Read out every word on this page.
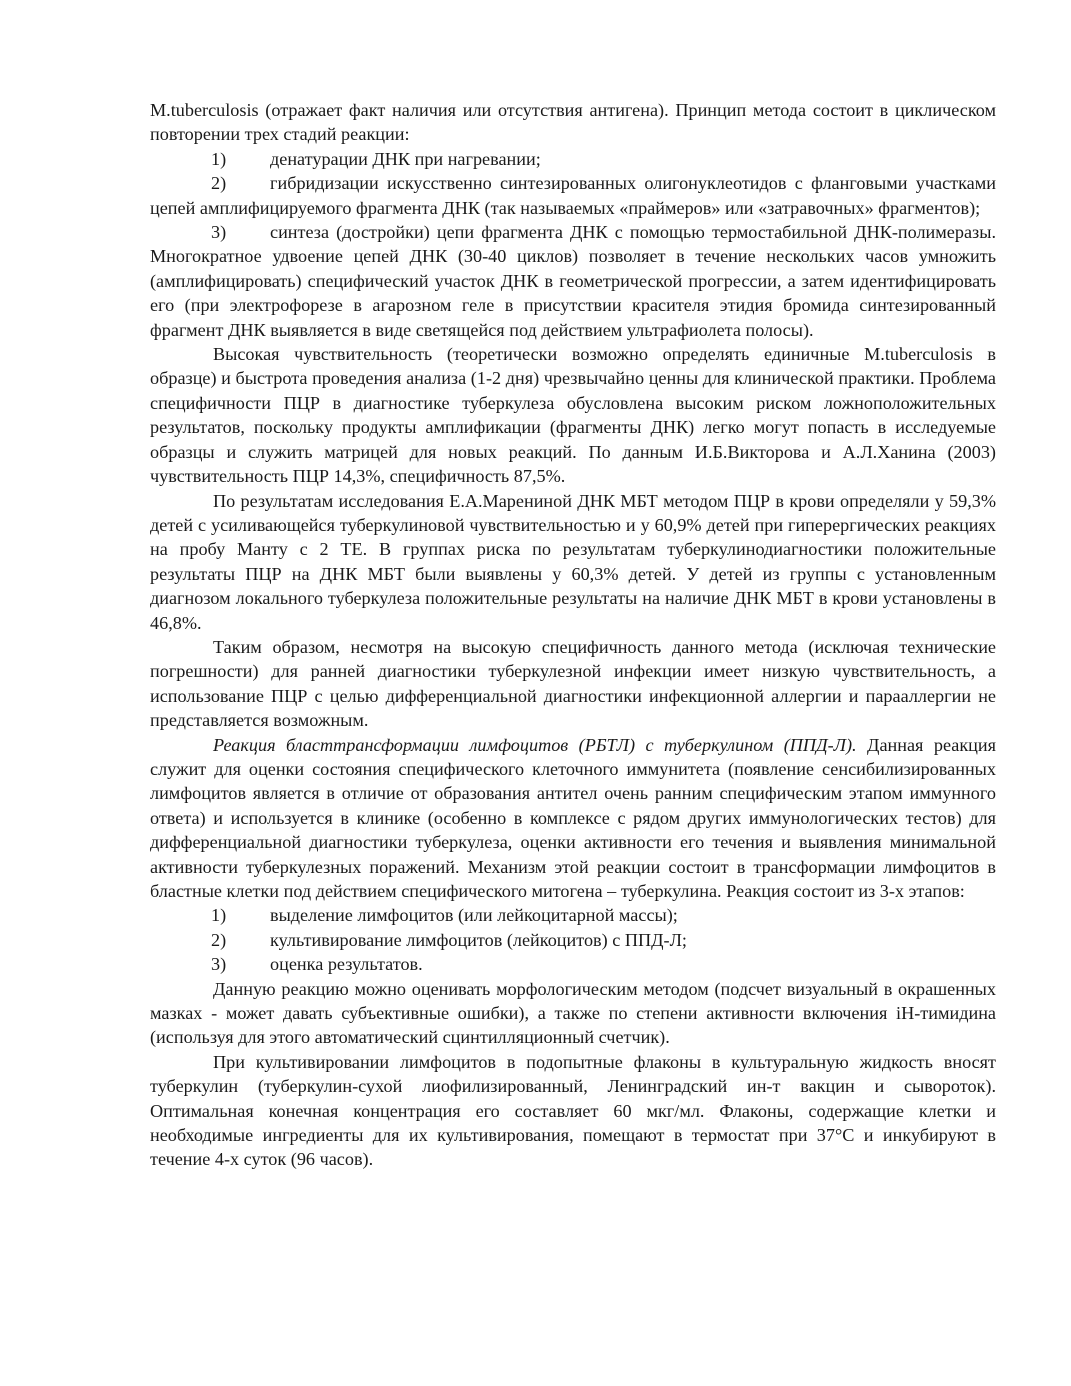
M.tuberculosis (отражает факт наличия или отсутствия антигена). Принцип метода состоит в циклическом повторении трех стадий реакции:

1)	денатурации ДНК при нагревании;

2) гибридизации искусственно синтезированных олигонуклеотидов с фланговыми участками цепей амплифицируемого фрагмента ДНК (так называемых «праймеров» или «затравочных» фрагментов);

3) синтеза (достройки) цепи фрагмента ДНК с помощью термостабильной ДНК-полимеразы. Многократное удвоение цепей ДНК (30-40 циклов) позволяет в течение нескольких часов умножить (амплифицировать) специфический участок ДНК в геометрической прогрессии, а затем идентифицировать его (при электрофорезе в агарозном геле в присутствии красителя этидия бромида синтезированный фрагмент ДНК выявляется в виде светящейся под действием ультрафиолета полосы).

Высокая чувствительность (теоретически возможно определять единичные M.tuberculosis в образце) и быстрота проведения анализа (1-2 дня) чрезвычайно ценны для клинической практики. Проблема специфичности ПЦР в диагностике туберкулеза обусловлена высоким риском ложноположительных результатов, поскольку продукты амплификации (фрагменты ДНК) легко могут попасть в исследуемые образцы и служить матрицей для новых реакций. По данным И.Б.Викторова и А.Л.Ханина (2003) чувствительность ПЦР 14,3%, специфичность 87,5%.

По результатам исследования Е.А.Марениной ДНК МБТ методом ПЦР в крови определяли у 59,3% детей с усиливающейся туберкулиновой чувствительностью и у 60,9% детей при гиперергических реакциях на пробу Манту с 2 ТЕ. В группах риска по результатам туберкулинодиагностики положительные результаты ПЦР на ДНК МБТ были выявлены у 60,3% детей. У детей из группы с установленным диагнозом локального туберкулеза положительные результаты на наличие ДНК МБТ в крови установлены в 46,8%.

Таким образом, несмотря на высокую специфичность данного метода (исключая технические погрешности) для ранней диагностики туберкулезной инфекции имеет низкую чувствительность, а использование ПЦР с целью дифференциальной диагностики инфекционной аллергии и парааллергии не представляется возможным.

Реакция бласттрансформации лимфоцитов (РБТЛ) с туберкулином (ППД-Л). Данная реакция служит для оценки состояния специфического клеточного иммунитета (появление сенсибилизированных лимфоцитов является в отличие от образования антител очень ранним специфическим этапом иммунного ответа) и используется в клинике (особенно в комплексе с рядом других иммунологических тестов) для дифференциальной диагностики туберкулеза, оценки активности его течения и выявления минимальной активности туберкулезных поражений. Механизм этой реакции состоит в трансформации лимфоцитов в бластные клетки под действием специфического митогена – туберкулина. Реакция состоит из 3-х этапов:

1)	выделение лимфоцитов (или лейкоцитарной массы);
2)	культивирование лимфоцитов (лейкоцитов) с ППД-Л;
3)	оценка результатов.

Данную реакцию можно оценивать морфологическим методом (подсчет визуальный в окрашенных мазках - может давать субъективные ошибки), а также по степени активности включения іН-тимидина (используя для этого автоматический сцинтилляционный счетчик).

При культивировании лимфоцитов в подопытные флаконы в культуральную жидкость вносят туберкулин (туберкулин-сухой лиофилизированный, Ленинградский ин-т вакцин и сывороток). Оптимальная конечная концентрация его составляет 60 мкг/мл. Флаконы, содержащие клетки и необходимые ингредиенты для их культивирования, помещают в термостат при 37°С и инкубируют в течение 4-х суток (96 часов).
